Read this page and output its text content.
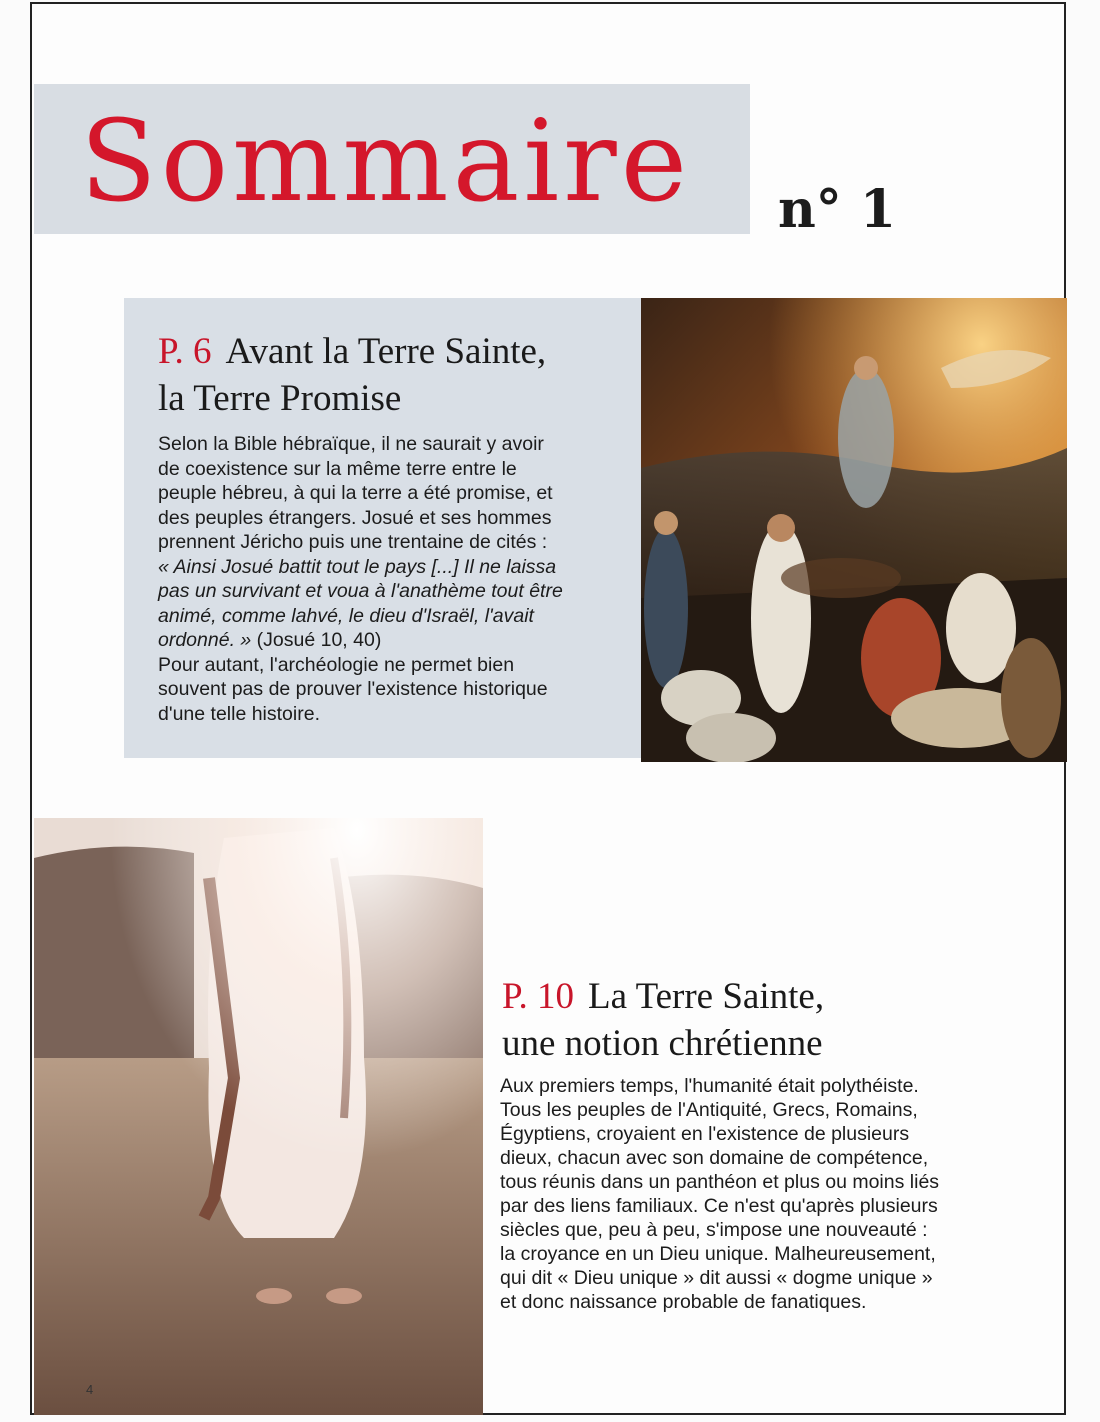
Sommaire n° 1
P. 6 Avant la Terre Sainte,
la Terre Promise

Selon la Bible hébraïque, il ne saurait y avoir

de coexistence sur la même terre entre le

peuple hébreu, à qui la terre a été promise, et

des peuples étrangers. Josué et ses hommes

prennent Jéricho puis une trentaine de cités :

« Ainsi Josué battit tout le pays [...] Il ne laissa

pas un survivant et voua à l'anathème tout être

animé, comme lahvé, le dieu d'Israël, l'avait

ordonné. » (Josué 10, 40)

Pour autant, l'archéologie ne permet bien

souvent pas de prouver l'existence historique

d'une telle histoire.

P. 10 La Terre Sainte,
une notion chrétienne

Aux premiers temps, l'humanité était polythéiste.

Tous les peuples de l'Antiquité, Grecs, Romains,

Égyptiens, croyaient en l'existence de plusieurs

dieux, chacun avec son domaine de compétence,

tous réunis dans un panthéon et plus ou moins liés

par des liens familiaux. Ce n'est qu'après plusieurs

siècles que, peu à peu, s'impose une nouveauté :

la croyance en un Dieu unique. Malheureusement,

qui dit « Dieu unique » dit aussi « dogme unique »

et donc naissance probable de fanatiques.

4
